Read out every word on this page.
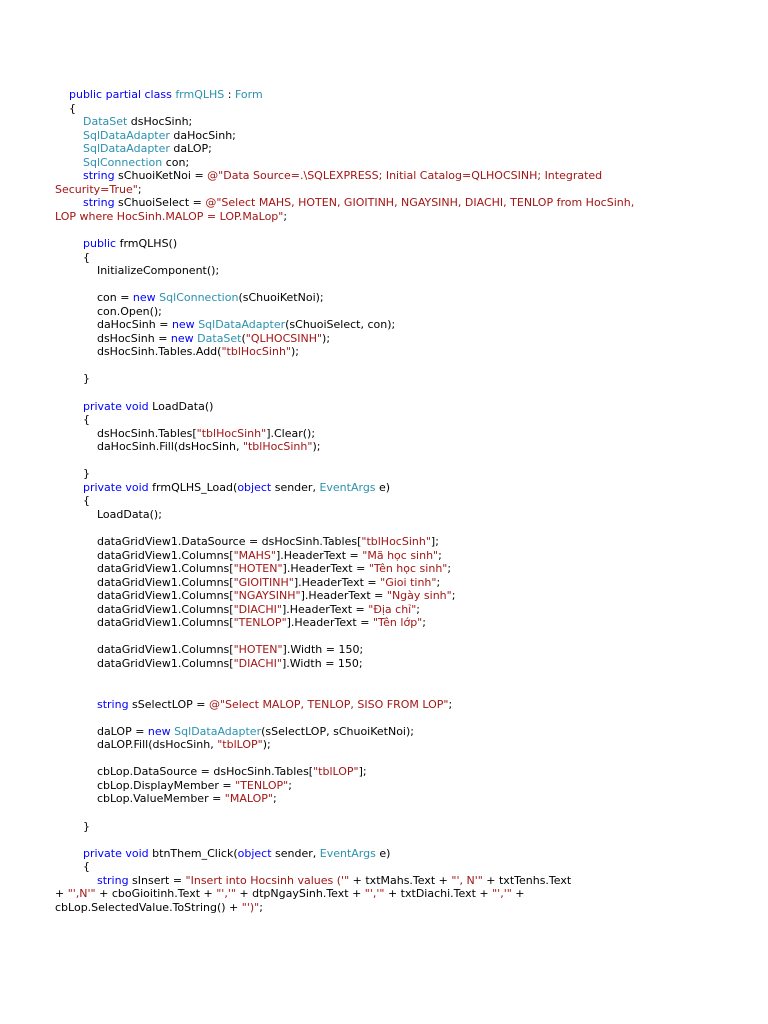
public partial class frmQLHS : Form
{
DataSet dsHocSinh;
SqlDataAdapter daHocSinh;
SqlDataAdapter daLOP;
SqlConnection con;
string sChuoiKetNoi = @"Data Source=.\SQLEXPRESS; Initial Catalog=QLHOCSINH; Integrated
Security=True";
string sChuoiSelect = @"Select MAHS, HOTEN, GIOITINH, NGAYSINH, DIACHI, TENLOP from HocSinh,
LOP where HocSinh.MALOP = LOP.MaLop";
public frmQLHS()
{
InitializeComponent();
con = new SqlConnection(sChuoiKetNoi);
con.Open();
daHocSinh = new SqlDataAdapter(sChuoiSelect, con);
dsHocSinh = new DataSet("QLHOCSINH");
dsHocSinh.Tables.Add("tblHocSinh");
}
private void LoadData()
{
dsHocSinh.Tables["tblHocSinh"].Clear();
daHocSinh.Fill(dsHocSinh, "tblHocSinh");
}
private void frmQLHS_Load(object sender, EventArgs e)
{
LoadData();
dataGridView1.DataSource = dsHocSinh.Tables["tblHocSinh"];
dataGridView1.Columns["MAHS"].HeaderText = "Mã học sinh";
dataGridView1.Columns["HOTEN"].HeaderText = "Tên học sinh";
dataGridView1.Columns["GIOITINH"].HeaderText = "Gioi tinh";
dataGridView1.Columns["NGAYSINH"].HeaderText = "Ngày sinh";
dataGridView1.Columns["DIACHI"].HeaderText = "Địa chỉ";
dataGridView1.Columns["TENLOP"].HeaderText = "Tên lớp";
dataGridView1.Columns["HOTEN"].Width = 150;
dataGridView1.Columns["DIACHI"].Width = 150;
string sSelectLOP = @"Select MALOP, TENLOP, SISO FROM LOP";
daLOP = new SqlDataAdapter(sSelectLOP, sChuoiKetNoi);
daLOP.Fill(dsHocSinh, "tblLOP");
cbLop.DataSource = dsHocSinh.Tables["tblLOP"];
cbLop.DisplayMember = "TENLOP";
cbLop.ValueMember = "MALOP";
}
private void btnThem_Click(object sender, EventArgs e)
{
string sInsert = "Insert into Hocsinh values ('" + txtMahs.Text + "', N'" + txtTenhs.Text
+ "',N'" + cboGioitinh.Text + "','" + dtpNgaySinh.Text + "','" + txtDiachi.Text + "','" +
cbLop.SelectedValue.ToString() + "')";
